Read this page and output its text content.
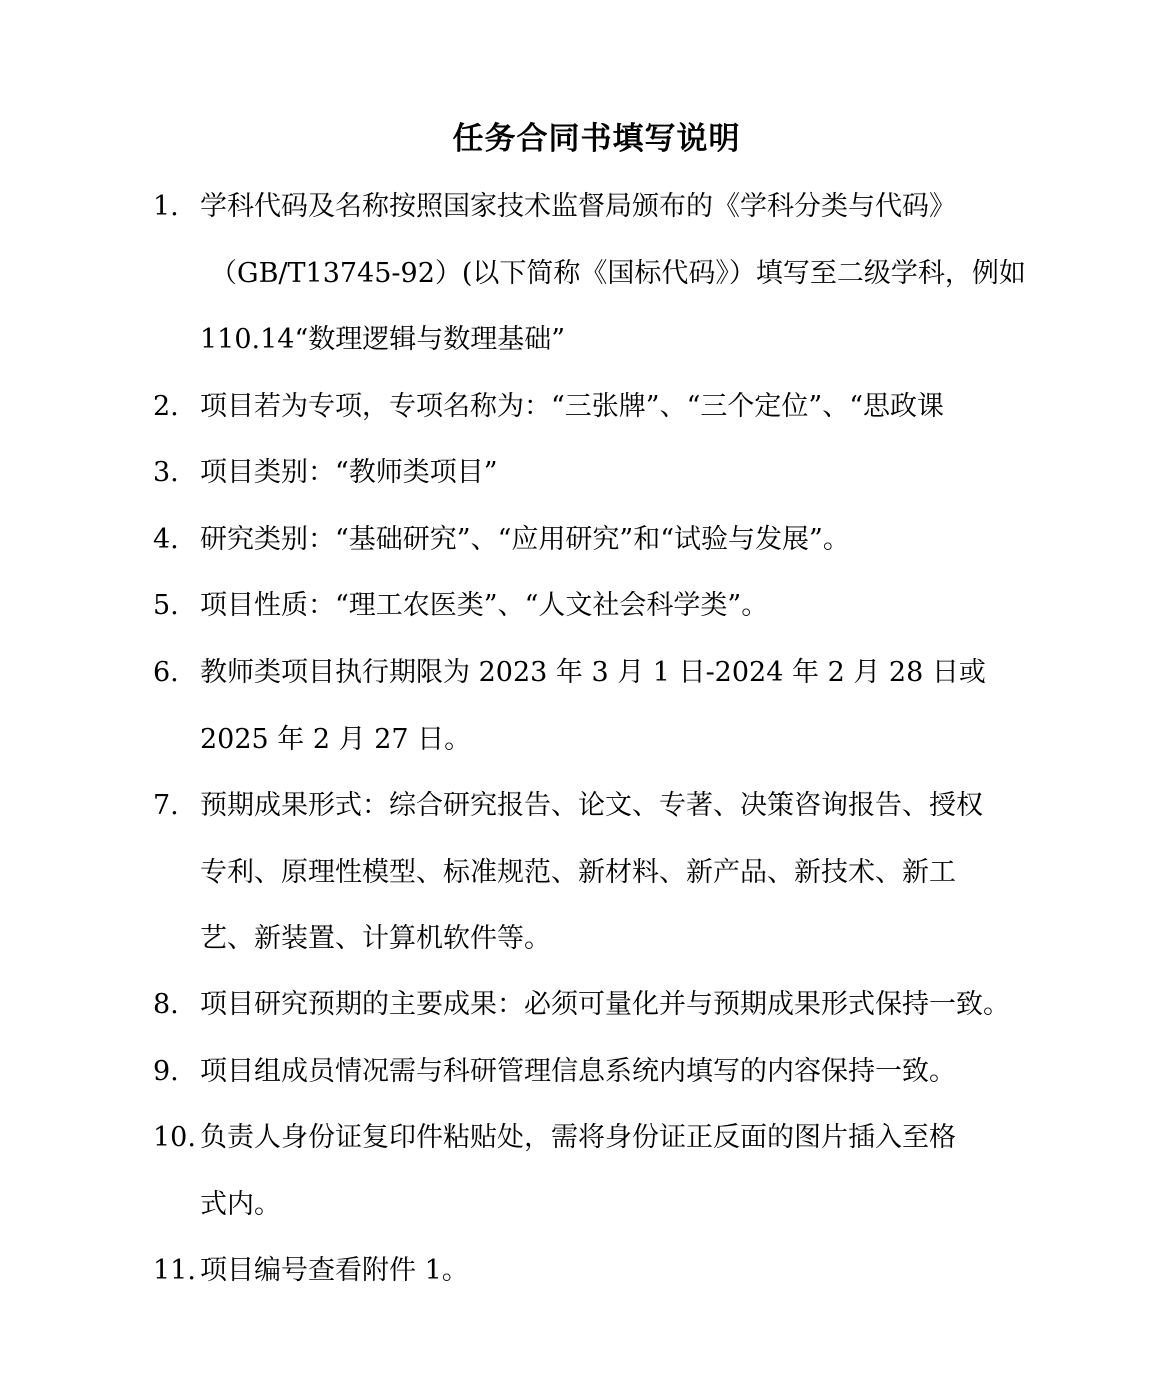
任务合同书填写说明
1. 学科代码及名称按照国家技术监督局颁布的《学科分类与代码》
（GB/T13745-92）(以下简称《国标代码》）填写至二级学科，例如
110.14“数理逻辑与数理基础”
2. 项目若为专项，专项名称为：“三张牌”、“三个定位”、“思政课
3. 项目类别：“教师类项目”
4. 研究类别：“基础研究”、“应用研究”和“试验与发展”。
5. 项目性质：“理工农医类”、“人文社会科学类”。
6. 教师类项目执行期限为 2023 年 3 月 1 日-2024 年 2 月 28 日或
2025 年 2 月 27 日。
7. 预期成果形式：综合研究报告、论文、专著、决策咨询报告、授权
专利、原理性模型、标准规范、新材料、新产品、新技术、新工
艺、新装置、计算机软件等。
8. 项目研究预期的主要成果：必须可量化并与预期成果形式保持一致。
9. 项目组成员情况需与科研管理信息系统内填写的内容保持一致。
10. 负责人身份证复印件粘贴处，需将身份证正反面的图片插入至格
式内。
11. 项目编号查看附件 1。
